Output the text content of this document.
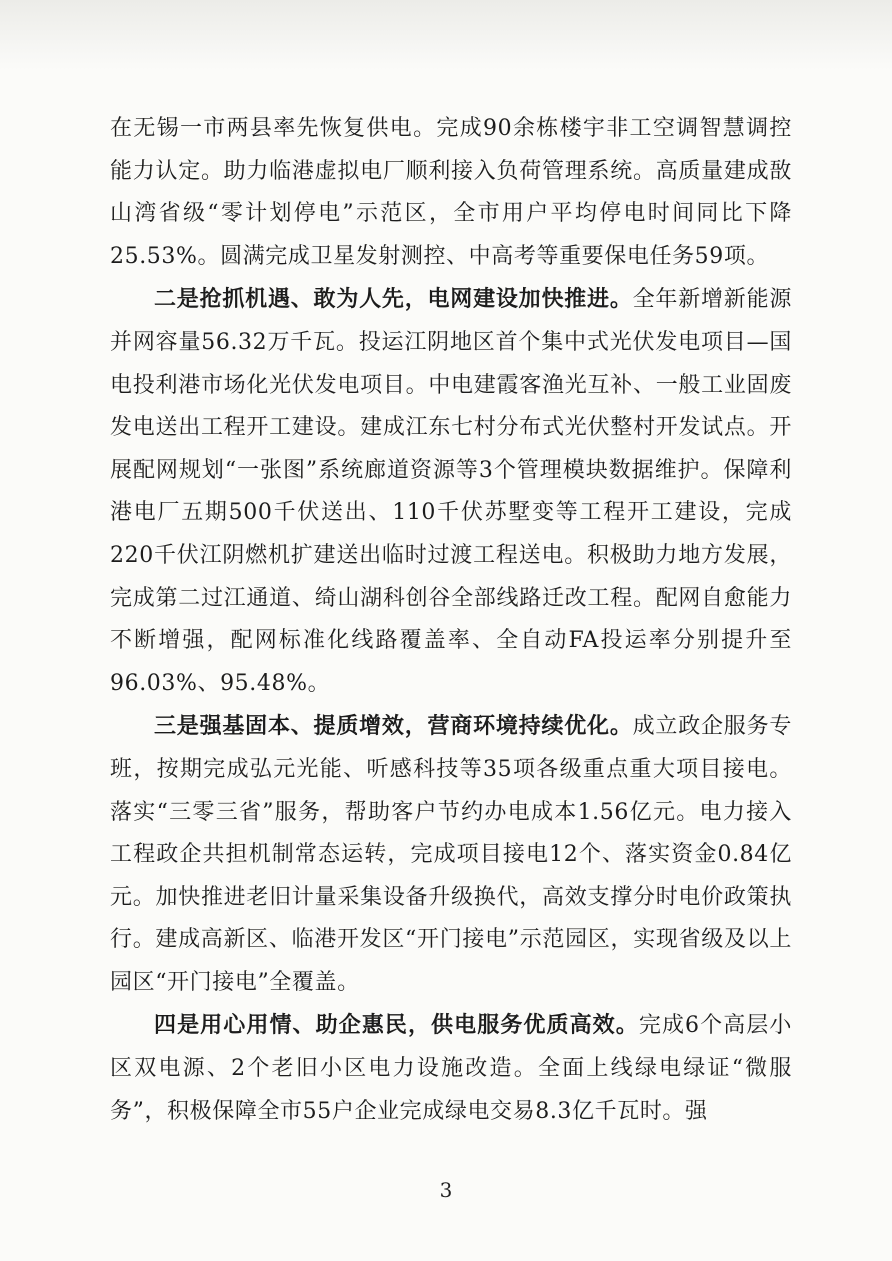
在无锡一市两县率先恢复供电。完成90余栋楼宇非工空调智慧调控能力认定。助力临港虚拟电厂顺利接入负荷管理系统。高质量建成敔山湾省级“零计划停电”示范区，全市用户平均停电时间同比下降25.53%。圆满完成卫星发射测控、中高考等重要保电任务59项。

二是抢抓机遇、敢为人先，电网建设加快推进。全年新增新能源并网容量56.32万千瓦。投运江阴地区首个集中式光伏发电项目—国电投利港市场化光伏发电项目。中电建霞客渔光互补、一般工业固废发电送出工程开工建设。建成江东七村分布式光伏整村开发试点。开展配网规划“一张图”系统廊道资源等3个管理模块数据维护。保障利港电厂五期500千伏送出、110千伏苏墅变等工程开工建设，完成220千伏江阴燃机扩建送出临时过渡工程送电。积极助力地方发展，完成第二过江通道、绮山湖科创谷全部线路迁改工程。配网自愈能力不断增强，配网标准化线路覆盖率、全自动FA投运率分别提升至96.03%、95.48%。

三是强基固本、提质增效，营商环境持续优化。成立政企服务专班，按期完成弘元光能、听感科技等35项各级重点重大项目接电。落实“三零三省”服务，帮助客户节约办电成本1.56亿元。电力接入工程政企共担机制常态运转，完成项目接电12个、落实资金0.84亿元。加快推进老旧计量采集设备升级换代，高效支撑分时电价政策执行。建成高新区、临港开发区“开门接电”示范园区，实现省级及以上园区“开门接电”全覆盖。

四是用心用情、助企惠民，供电服务优质高效。完成6个高层小区双电源、2个老旧小区电力设施改造。全面上线绿电绿证“微服务”，积极保障全市55户企业完成绿电交易8.3亿千瓦时。强

3
